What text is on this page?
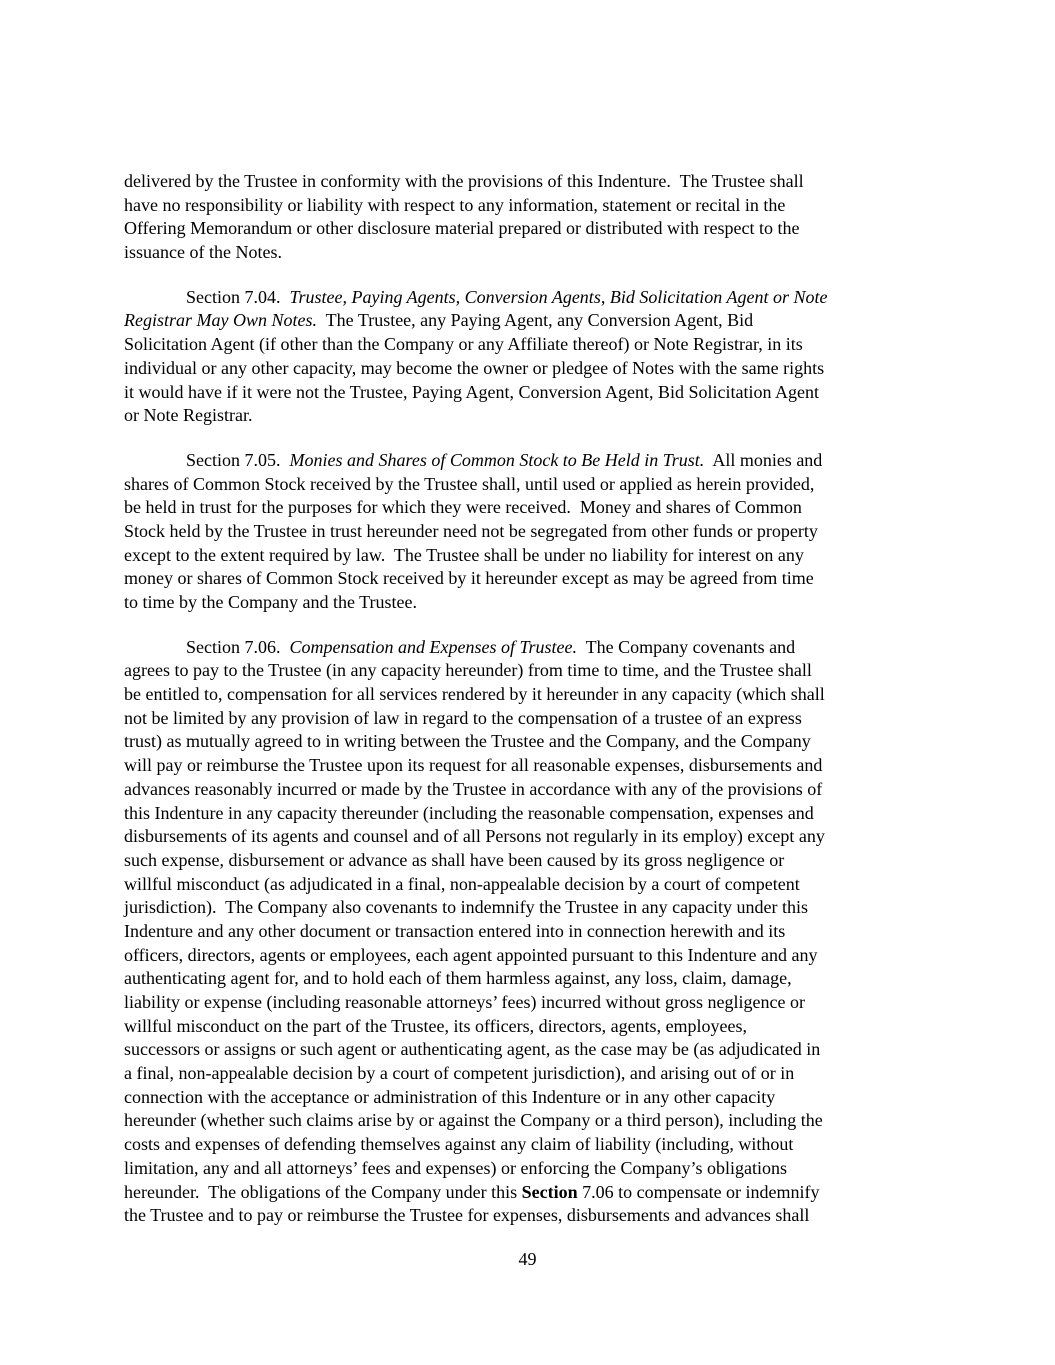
delivered by the Trustee in conformity with the provisions of this Indenture.  The Trustee shall
have no responsibility or liability with respect to any information, statement or recital in the
Offering Memorandum or other disclosure material prepared or distributed with respect to the
issuance of the Notes.
Section 7.04.  Trustee, Paying Agents, Conversion Agents, Bid Solicitation Agent or Note
Registrar May Own Notes.  The Trustee, any Paying Agent, any Conversion Agent, Bid
Solicitation Agent (if other than the Company or any Affiliate thereof) or Note Registrar, in its
individual or any other capacity, may become the owner or pledgee of Notes with the same rights
it would have if it were not the Trustee, Paying Agent, Conversion Agent, Bid Solicitation Agent
or Note Registrar.
Section 7.05.  Monies and Shares of Common Stock to Be Held in Trust.  All monies and
shares of Common Stock received by the Trustee shall, until used or applied as herein provided,
be held in trust for the purposes for which they were received.  Money and shares of Common
Stock held by the Trustee in trust hereunder need not be segregated from other funds or property
except to the extent required by law.  The Trustee shall be under no liability for interest on any
money or shares of Common Stock received by it hereunder except as may be agreed from time
to time by the Company and the Trustee.
Section 7.06.  Compensation and Expenses of Trustee.  The Company covenants and
agrees to pay to the Trustee (in any capacity hereunder) from time to time, and the Trustee shall
be entitled to, compensation for all services rendered by it hereunder in any capacity (which shall
not be limited by any provision of law in regard to the compensation of a trustee of an express
trust) as mutually agreed to in writing between the Trustee and the Company, and the Company
will pay or reimburse the Trustee upon its request for all reasonable expenses, disbursements and
advances reasonably incurred or made by the Trustee in accordance with any of the provisions of
this Indenture in any capacity thereunder (including the reasonable compensation, expenses and
disbursements of its agents and counsel and of all Persons not regularly in its employ) except any
such expense, disbursement or advance as shall have been caused by its gross negligence or
willful misconduct (as adjudicated in a final, non-appealable decision by a court of competent
jurisdiction).  The Company also covenants to indemnify the Trustee in any capacity under this
Indenture and any other document or transaction entered into in connection herewith and its
officers, directors, agents or employees, each agent appointed pursuant to this Indenture and any
authenticating agent for, and to hold each of them harmless against, any loss, claim, damage,
liability or expense (including reasonable attorneys’ fees) incurred without gross negligence or
willful misconduct on the part of the Trustee, its officers, directors, agents, employees,
successors or assigns or such agent or authenticating agent, as the case may be (as adjudicated in
a final, non-appealable decision by a court of competent jurisdiction), and arising out of or in
connection with the acceptance or administration of this Indenture or in any other capacity
hereunder (whether such claims arise by or against the Company or a third person), including the
costs and expenses of defending themselves against any claim of liability (including, without
limitation, any and all attorneys’ fees and expenses) or enforcing the Company’s obligations
hereunder.  The obligations of the Company under this Section 7.06 to compensate or indemnify
the Trustee and to pay or reimburse the Trustee for expenses, disbursements and advances shall
49
